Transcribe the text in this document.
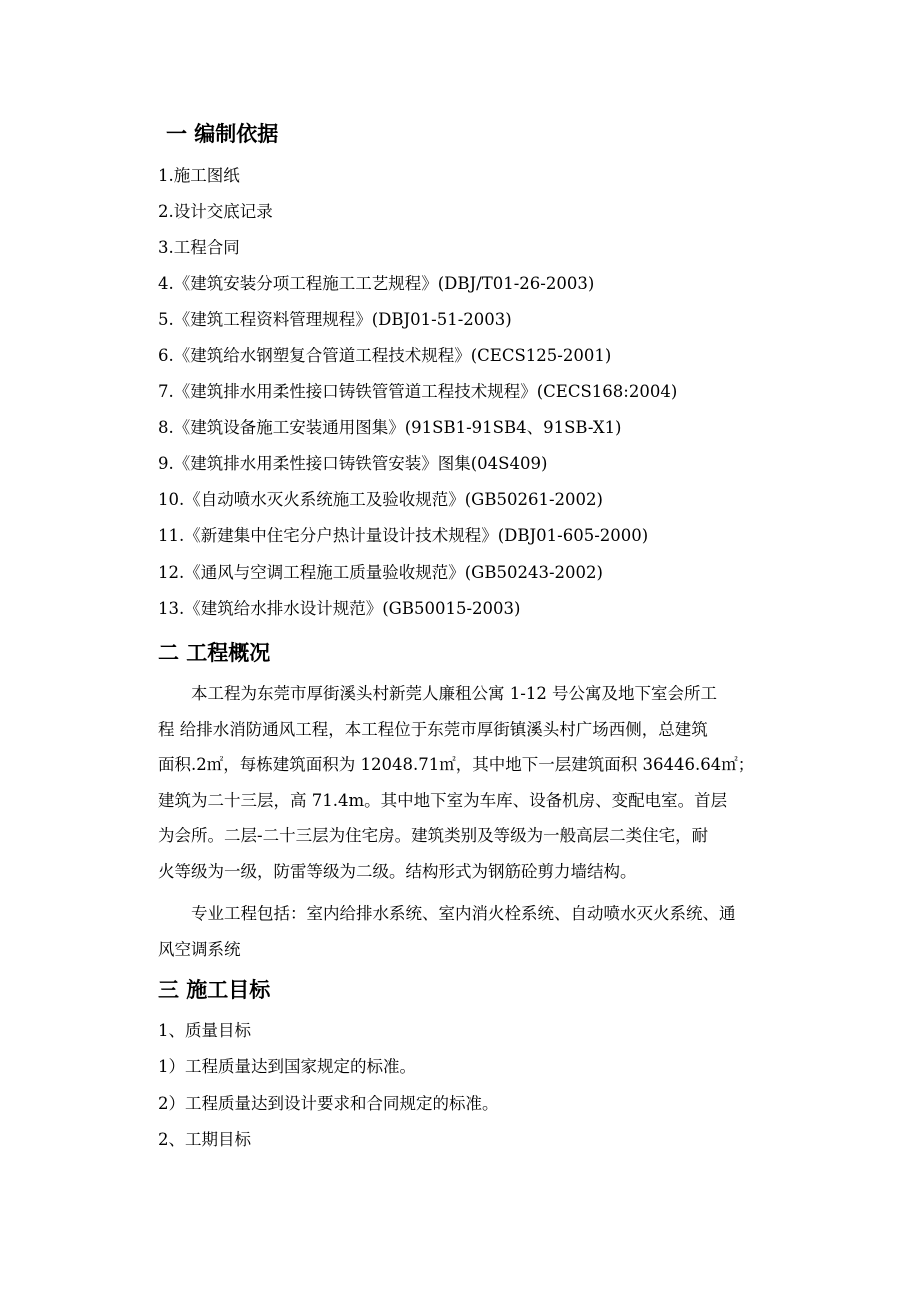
一 编制依据
1.施工图纸
2.设计交底记录
3.工程合同
4.《建筑安装分项工程施工工艺规程》(DBJ/T01-26-2003)
5.《建筑工程资料管理规程》(DBJ01-51-2003)
6.《建筑给水钢塑复合管道工程技术规程》(CECS125-2001)
7.《建筑排水用柔性接口铸铁管管道工程技术规程》(CECS168:2004)
8.《建筑设备施工安装通用图集》(91SB1-91SB4、91SB-X1)
9.《建筑排水用柔性接口铸铁管安装》图集(04S409)
10.《自动喷水灭火系统施工及验收规范》(GB50261-2002)
11.《新建集中住宅分户热计量设计技术规程》(DBJ01-605-2000)
12.《通风与空调工程施工质量验收规范》(GB50243-2002)
13.《建筑给水排水设计规范》(GB50015-2003)
二 工程概况
本工程为东莞市厚街溪头村新莞人廉租公寓 1-12 号公寓及地下室会所工
程 给排水消防通风工程，本工程位于东莞市厚街镇溪头村广场西侧，总建筑
面积.2㎡，每栋建筑面积为 12048.71㎡，其中地下一层建筑面积 36446.64㎡；
建筑为二十三层，高 71.4m。其中地下室为车库、设备机房、变配电室。首层
为会所。二层-二十三层为住宅房。建筑类别及等级为一般高层二类住宅，耐
火等级为一级，防雷等级为二级。结构形式为钢筋砼剪力墙结构。
专业工程包括：室内给排水系统、室内消火栓系统、自动喷水灭火系统、通
风空调系统
三 施工目标
1、质量目标
1）工程质量达到国家规定的标准。
2）工程质量达到设计要求和合同规定的标准。
2、工期目标
